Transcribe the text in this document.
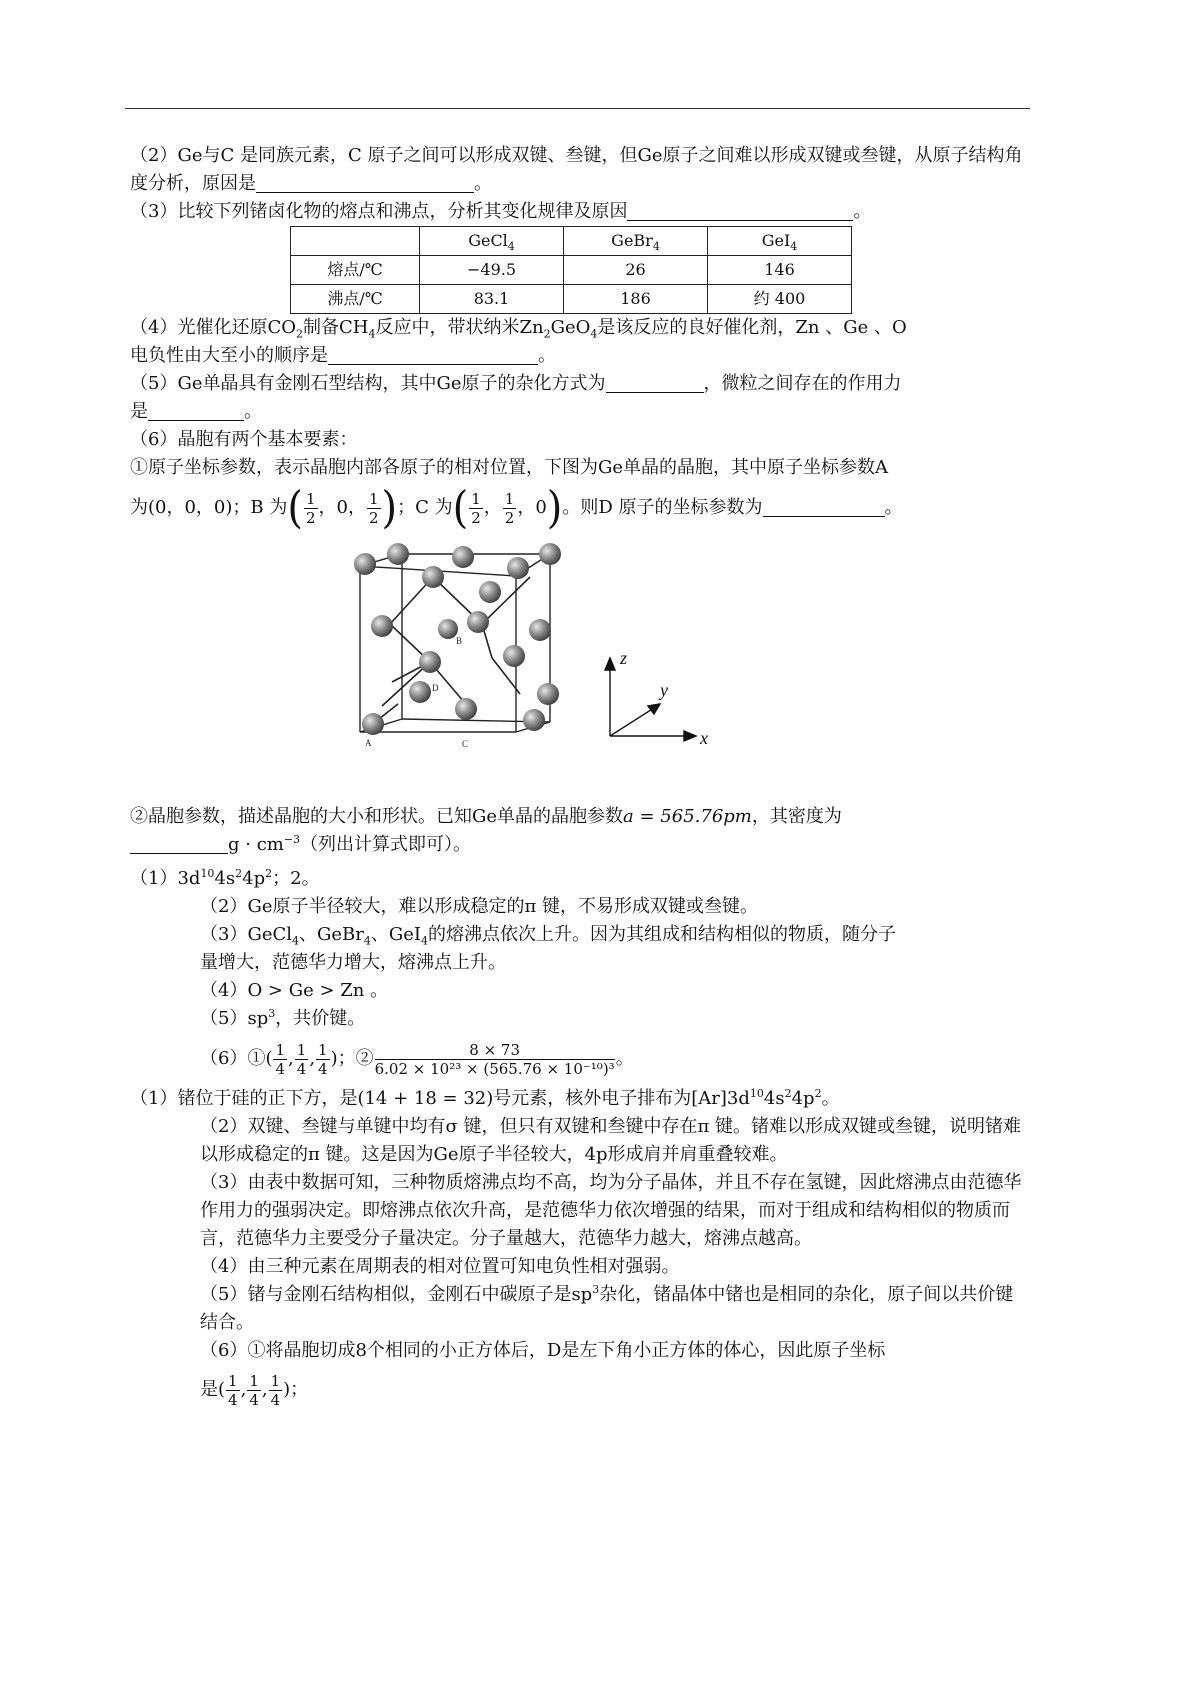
（2）Ge与C 是同族元素，C 原子之间可以形成双键、叁键，但Ge原子之间难以形成双键或叁键，从原子结构角度分析，原因是	。

（3）比较下列锗卤化物的熔点和沸点，分析其变化规律及原因	。

	GeCl$_4$	GeBr$_4$	GeI$_4$
熔点/℃	−49.5	26	146
沸点/℃	83.1	186	约 400

（4）光催化还原$CO_2$制备$CH_4$反应中，带状纳米$Zn_2GeO_4$是该反应的良好催化剂，Zn 、Ge 、O
电负性由大至小的顺序是	。

（5）Ge单晶具有金刚石型结构，其中Ge原子的杂化方式为	，微粒之间存在的作用力
是	。

（6）晶胞有两个基本要素：

①原子坐标参数，表示晶胞内部各原子的相对位置，下图为Ge单晶的晶胞，其中原子坐标参数A

为(0，0，0)；B 为( $\frac{1}{2}$ ，0， $\frac{1}{2}$ )；C 为( $\frac{1}{2}$ ， $\frac{1}{2}$ ，0)。则D 原子的坐标参数为	。

A
B
C
D
z
y
x

②晶胞参数，描述晶胞的大小和形状。已知Ge单晶的晶胞参数a = 565.76pm，其密度为
$g \cdot cm^{-3}$（列出计算式即可）。

$(1)3d^{10}4s^24p^2$；2。

（2）Ge原子半径较大，难以形成稳定的π 键，不易形成双键或叁键。

（3）GeCl$_4$、GeBr$_4$、GeI$_4$的熔沸点依次上升。因为其组成和结构相似的物质，随分子
量增大，范德华力增大，熔沸点上升。

（4）O > Ge > Zn 。

$(5)sp^3$，共价键。

（6）①( $\frac{1}{4}$ , $\frac{1}{4}$ , $\frac{1}{4}$ )；② $\frac{8 \times 73}{\text{6.02 × 10²³ × (565.76 × 10⁻¹⁰)³}}$ 。

（1）锗位于硅的正下方，是(14 + 18 = 32)号元素，核外电子排布为$[Ar]3d^{10}4s^24p^2$。

（2）双键、叁键与单键中均有σ 键，但只有双键和叁键中存在π 键。锗难以形成双键或叁键，说明锗难以形成稳定的π 键。这是因为Ge原子半径较大，4p形成肩并肩重叠较难。

（3）由表中数据可知，三种物质熔沸点均不高，均为分子晶体，并且不存在氢键，因此熔沸点由范德华作用力的强弱决定。即熔沸点依次升高，是范德华力依次增强的结果，而对于组成和结构相似的物质而言，范德华力主要受分子量决定。分子量越大，范德华力越大，熔沸点越高。

（4）由三种元素在周期表的相对位置可知电负性相对强弱。

（5）锗与金刚石结构相似，金刚石中碳原子是$sp^3$杂化，锗晶体中锗也是相同的杂化，原子间以共价键结合。

（6）①将晶胞切成8个相同的小正方体后，D是左下角小正方体的体心，因此原子坐标

是( $\frac{1}{4}$ , $\frac{1}{4}$ , $\frac{1}{4}$ )；
